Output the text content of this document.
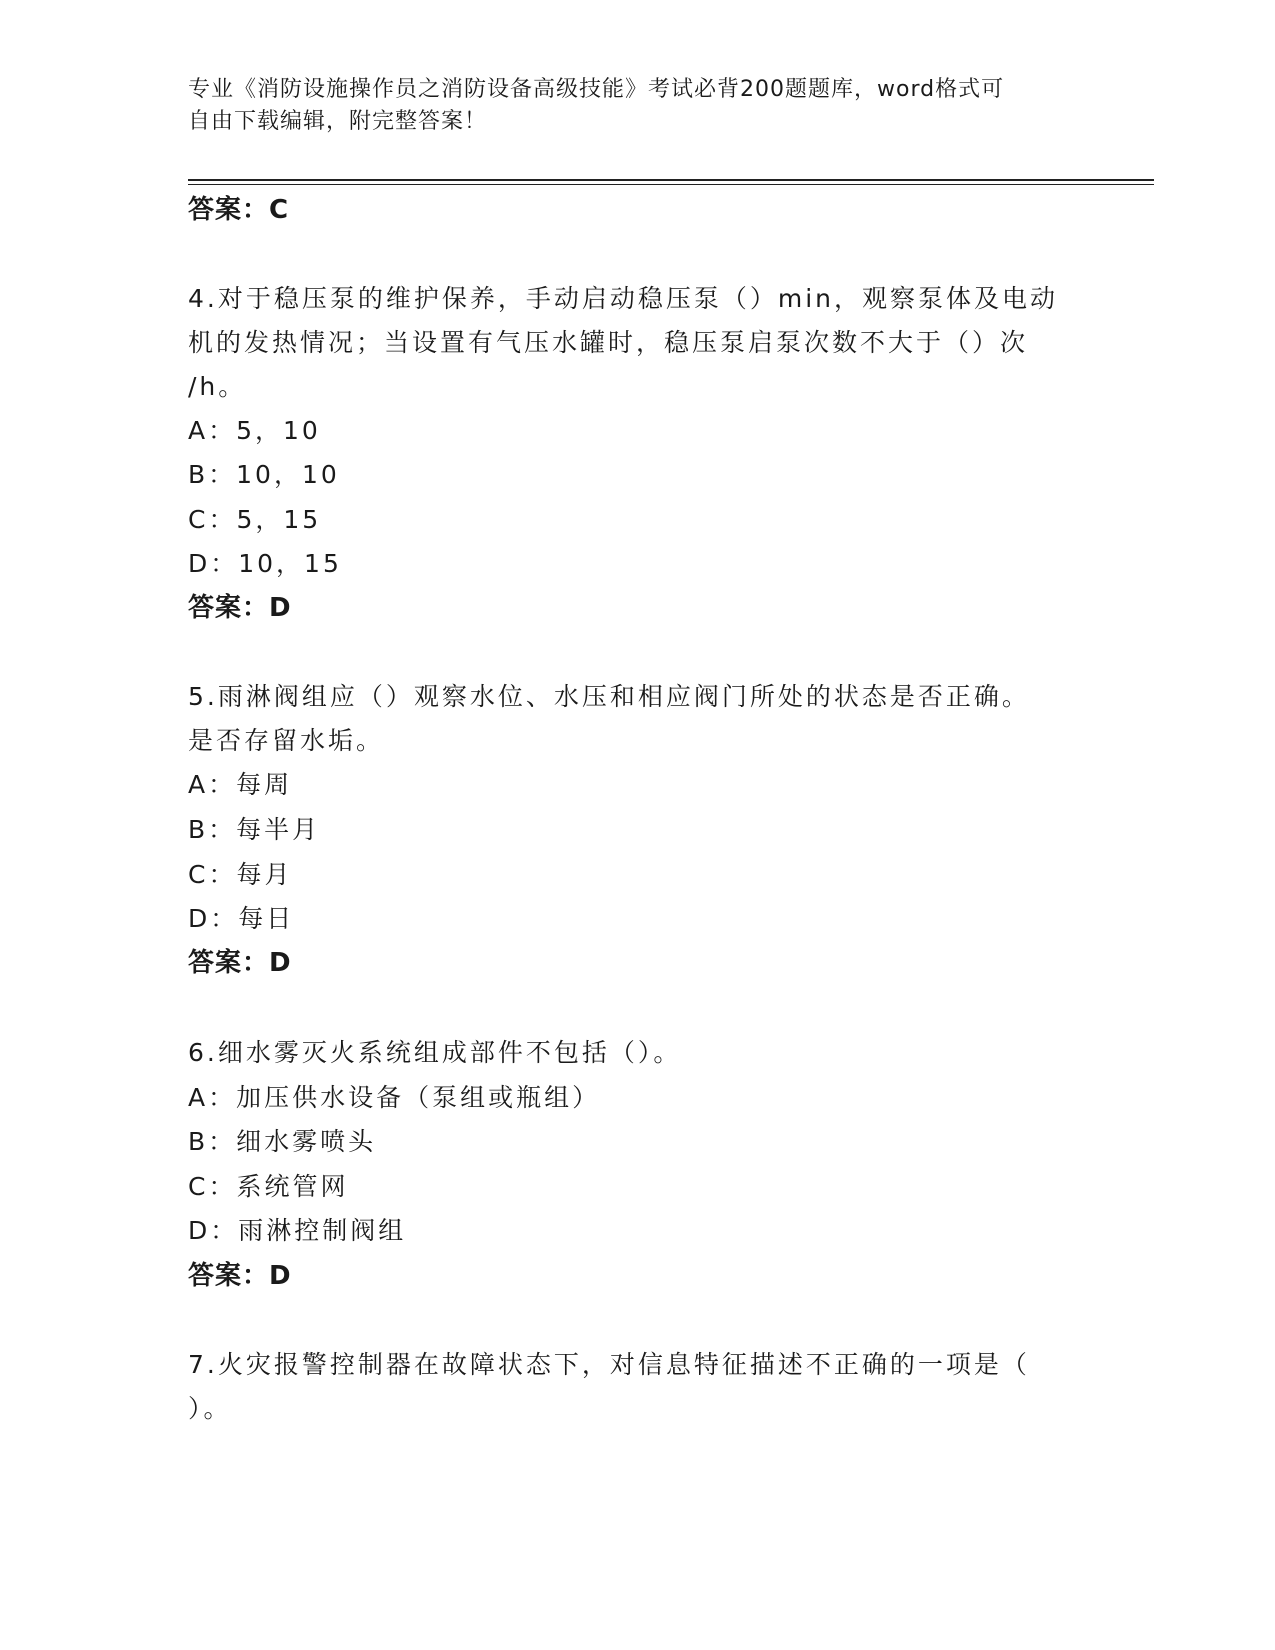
专业《消防设施操作员之消防设备高级技能》考试必背200题题库，word格式可
自由下载编辑，附完整答案！
答案：C
4.对于稳压泵的维护保养，手动启动稳压泵（）min，观察泵体及电动
机的发热情况；当设置有气压水罐时，稳压泵启泵次数不大于（）次
/h。
A：5，10
B：10，10
C：5，15
D：10，15
答案：D
5.雨淋阀组应（）观察水位、水压和相应阀门所处的状态是否正确。
是否存留水垢。
A：每周
B：每半月
C：每月
D：每日
答案：D
6.细水雾灭火系统组成部件不包括（）。
A：加压供水设备（泵组或瓶组）
B：细水雾喷头
C：系统管网
D：雨淋控制阀组
答案：D
7.火灾报警控制器在故障状态下，对信息特征描述不正确的一项是（
）。
